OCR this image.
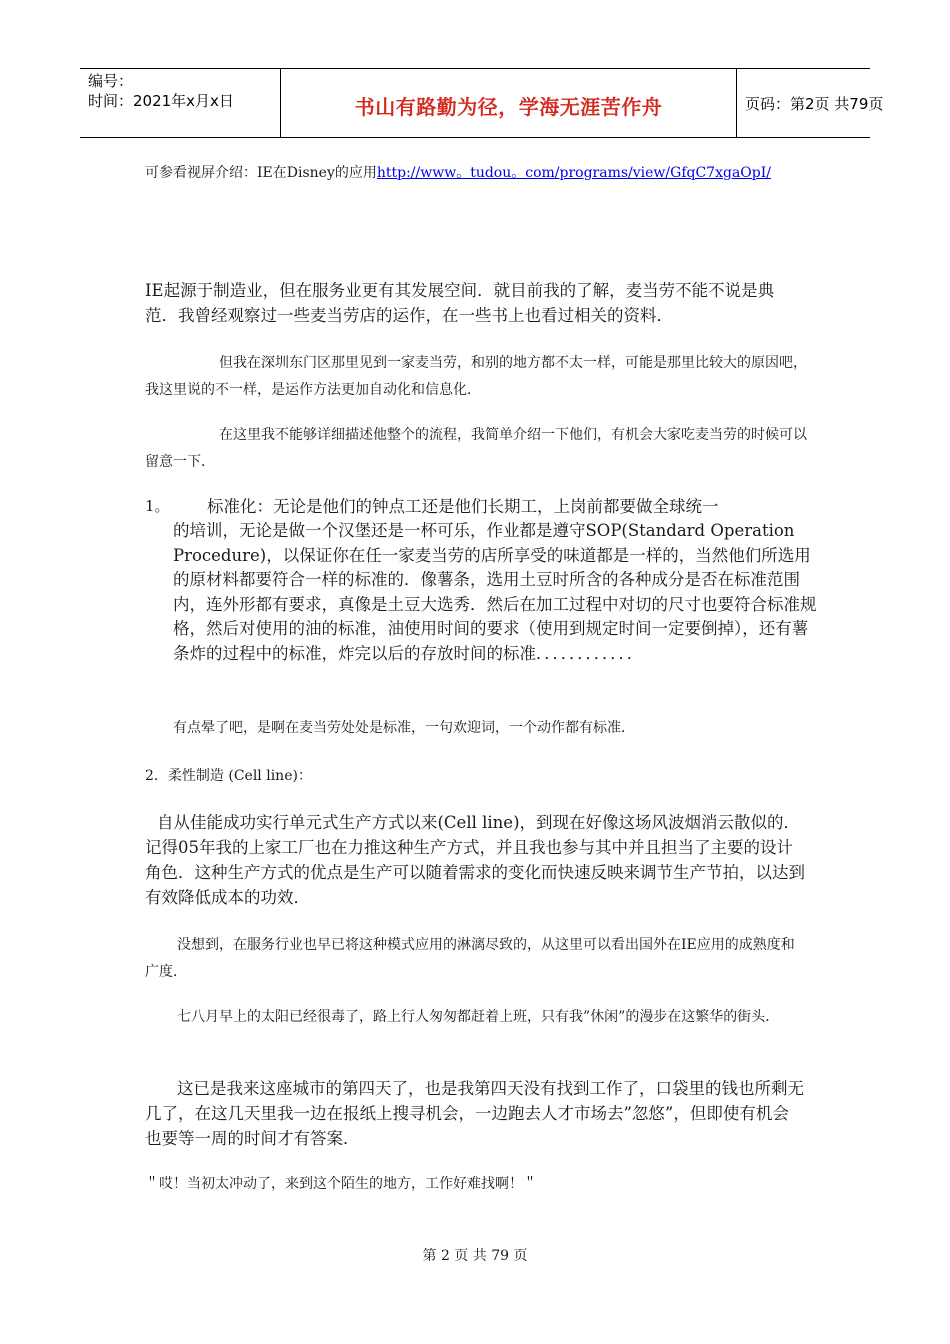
编号：
时间：2021年x月x日	书山有路勤为径，学海无涯苦作舟	页码：第2页 共79页

可参看视屏介绍：IE在Disney的应用http://www。tudou。com/programs/view/GfqC7xgaOpI/

IE起源于制造业，但在服务业更有其发展空间．就目前我的了解，麦当劳不能不说是典范．我曾经观察过一些麦当劳店的运作，在一些书上也看过相关的资料．

但我在深圳东门区那里见到一家麦当劳，和别的地方都不太一样，可能是那里比较大的原因吧，我这里说的不一样，是运作方法更加自动化和信息化．

在这里我不能够详细描述他整个的流程，我简单介绍一下他们，有机会大家吃麦当劳的时候可以留意一下．

1。 标准化：无论是他们的钟点工还是他们长期工，上岗前都要做全球统一
的培训，无论是做一个汉堡还是一杯可乐，作业都是遵守SOP(Standard Operation Procedure)，以保证你在任一家麦当劳的店所享受的味道都是一样的，当然他们所选用的原材料都要符合一样的标准的．像薯条，选用土豆时所含的各种成分是否在标准范围内，连外形都有要求，真像是土豆大选秀．然后在加工过程中对切的尺寸也要符合标准规格，然后对使用的油的标准，油使用时间的要求（使用到规定时间一定要倒掉），还有薯条炸的过程中的标准，炸完以后的存放时间的标准．．．．．．．．．．．．

有点晕了吧，是啊在麦当劳处处是标准，一句欢迎词，一个动作都有标准．

2．柔性制造 (Cell line)：

自从佳能成功实行单元式生产方式以来(Cell line)，到现在好像这场风波烟消云散似的．记得05年我的上家工厂也在力推这种生产方式，并且我也参与其中并且担当了主要的设计角色．这种生产方式的优点是生产可以随着需求的变化而快速反映来调节生产节拍，以达到有效降低成本的功效．

没想到，在服务行业也早已将这种模式应用的淋漓尽致的，从这里可以看出国外在IE应用的成熟度和广度．

七八月早上的太阳已经很毒了，路上行人匆匆都赶着上班，只有我”休闲”的漫步在这繁华的街头．

这已是我来这座城市的第四天了，也是我第四天没有找到工作了，口袋里的钱也所剩无几了，在这几天里我一边在报纸上搜寻机会，一边跑去人才市场去”忽悠”，但即使有机会也要等一周的时间才有答案．

＂哎！当初太冲动了，来到这个陌生的地方，工作好难找啊！＂

第 2 页 共 79 页
